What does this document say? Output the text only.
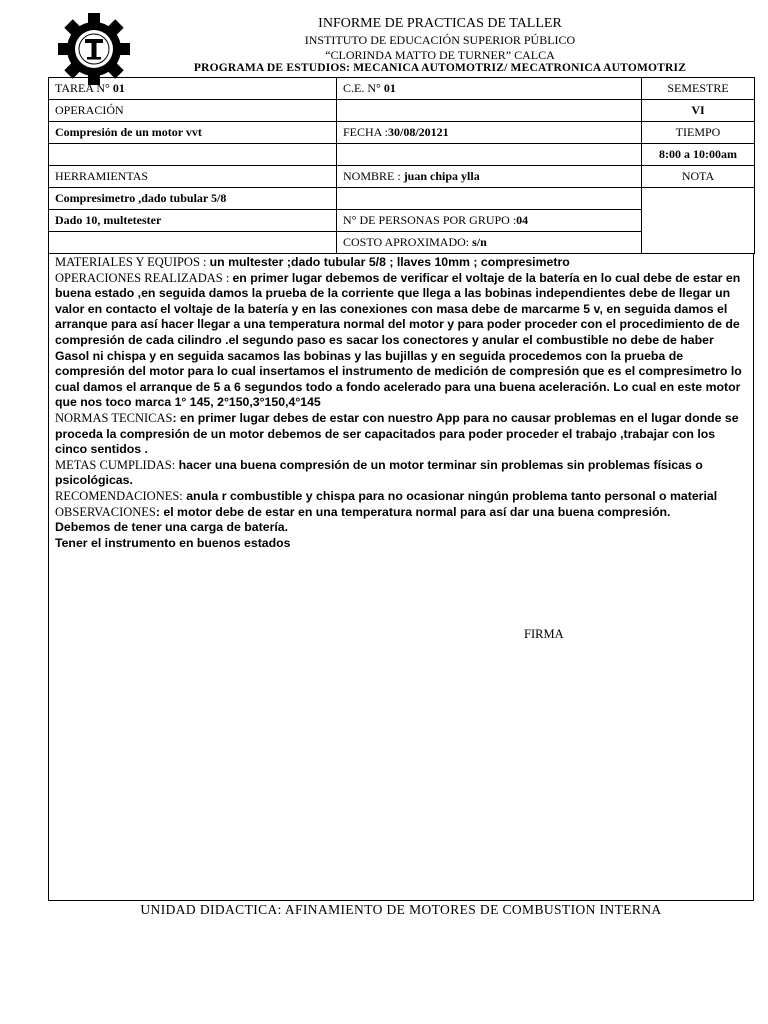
INFORME DE PRACTICAS DE TALLER
INSTITUTO DE EDUCACIÓN SUPERIOR PÚBLICO
“CLORINDA MATTO DE TURNER” CALCA
PROGRAMA DE ESTUDIOS: MECANICA AUTOMOTRIZ/ MECATRONICA AUTOMOTRIZ
TAREA N° 01	C.E. N° 01	SEMESTRE
OPERACIÓN		VI
Compresión de un motor vvt	FECHA :30/08/20121	TIEMPO
		8:00 a 10:00am
HERRAMIENTAS	NOMBRE : juan chipa ylla	NOTA
Compresimetro ,dado tubular 5/8		
Dado 10, multetester	N° DE PERSONAS POR GRUPO :04	
	COSTO APROXIMADO: s/n	

MATERIALES Y EQUIPOS : un multester ;dado tubular 5/8 ; llaves 10mm ; compresimetro

OPERACIONES REALIZADAS : en primer lugar debemos de verificar el voltaje de la batería en lo cual debe de estar en buena estado ,en seguida damos la prueba de la corriente que llega a las bobinas independientes debe de llegar un valor en contacto el voltaje de la batería y en las conexiones con masa debe de marcarme 5 v, en seguida damos el arranque para así hacer llegar a una temperatura normal del motor y para poder proceder con el procedimiento de de compresión de cada cilindro .el segundo paso es sacar los conectores y anular el combustible no debe de haber Gasol ni chispa y en seguida sacamos las bobinas y las bujillas y en seguida procedemos con la prueba de compresión del motor para lo cual insertamos el instrumento de medición de compresión que es el compresimetro lo cual damos el arranque de 5 a 6 segundos todo a fondo acelerado para una buena aceleración. Lo cual en este motor que nos toco marca 1° 145, 2°150,3°150,4°145

NORMAS TECNICAS: en primer lugar debes de estar con nuestro App para no causar problemas en el lugar donde se proceda la compresión de un motor debemos de ser capacitados para poder proceder el trabajo ,trabajar con los cinco sentidos .

METAS CUMPLIDAS: hacer una buena compresión de un motor terminar sin problemas sin problemas físicas o psicológicas.

RECOMENDACIONES: anula r combustible y chispa para no ocasionar ningún problema tanto personal o material

OBSERVACIONES: el motor debe de estar en una temperatura normal para así dar una buena compresión.

Debemos de tener una carga de batería.

Tener el instrumento en buenos estados

FIRMA
UNIDAD DIDACTICA: AFINAMIENTO DE MOTORES DE COMBUSTION INTERNA
